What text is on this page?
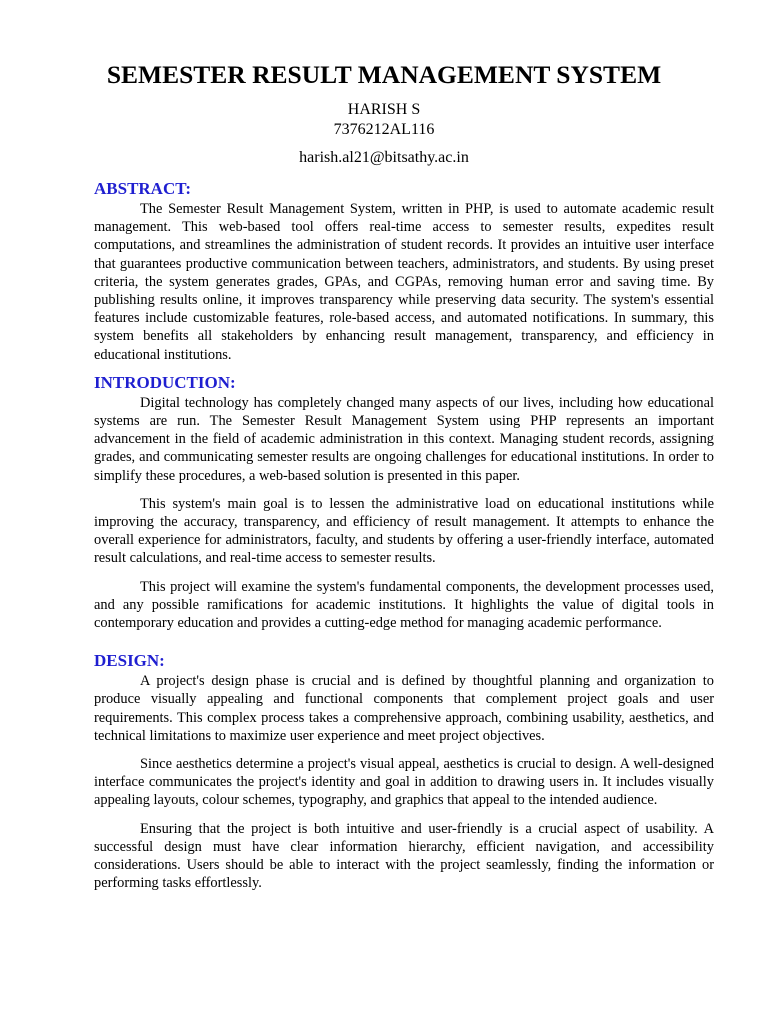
SEMESTER RESULT MANAGEMENT SYSTEM
HARISH S
7376212AL116
harish.al21@bitsathy.ac.in
ABSTRACT:

The Semester Result Management System, written in PHP, is used to automate academic result management. This web-based tool offers real-time access to semester results, expedites result computations, and streamlines the administration of student records. It provides an intuitive user interface that guarantees productive communication between teachers, administrators, and students. By using preset criteria, the system generates grades, GPAs, and CGPAs, removing human error and saving time. By publishing results online, it improves transparency while preserving data security. The system's essential features include customizable features, role-based access, and automated notifications. In summary, this system benefits all stakeholders by enhancing result management, transparency, and efficiency in educational institutions.

INTRODUCTION:

Digital technology has completely changed many aspects of our lives, including how educational systems are run. The Semester Result Management System using PHP represents an important advancement in the field of academic administration in this context. Managing student records, assigning grades, and communicating semester results are ongoing challenges for educational institutions. In order to simplify these procedures, a web-based solution is presented in this paper.

This system's main goal is to lessen the administrative load on educational institutions while improving the accuracy, transparency, and efficiency of result management. It attempts to enhance the overall experience for administrators, faculty, and students by offering a user-friendly interface, automated result calculations, and real-time access to semester results.

This project will examine the system's fundamental components, the development processes used, and any possible ramifications for academic institutions. It highlights the value of digital tools in contemporary education and provides a cutting-edge method for managing academic performance.

DESIGN:

A project's design phase is crucial and is defined by thoughtful planning and organization to produce visually appealing and functional components that complement project goals and user requirements. This complex process takes a comprehensive approach, combining usability, aesthetics, and technical limitations to maximize user experience and meet project objectives.

Since aesthetics determine a project's visual appeal, aesthetics is crucial to design. A well-designed interface communicates the project's identity and goal in addition to drawing users in. It includes visually appealing layouts, colour schemes, typography, and graphics that appeal to the intended audience.

Ensuring that the project is both intuitive and user-friendly is a crucial aspect of usability. A successful design must have clear information hierarchy, efficient navigation, and accessibility considerations. Users should be able to interact with the project seamlessly, finding the information or performing tasks effortlessly.
